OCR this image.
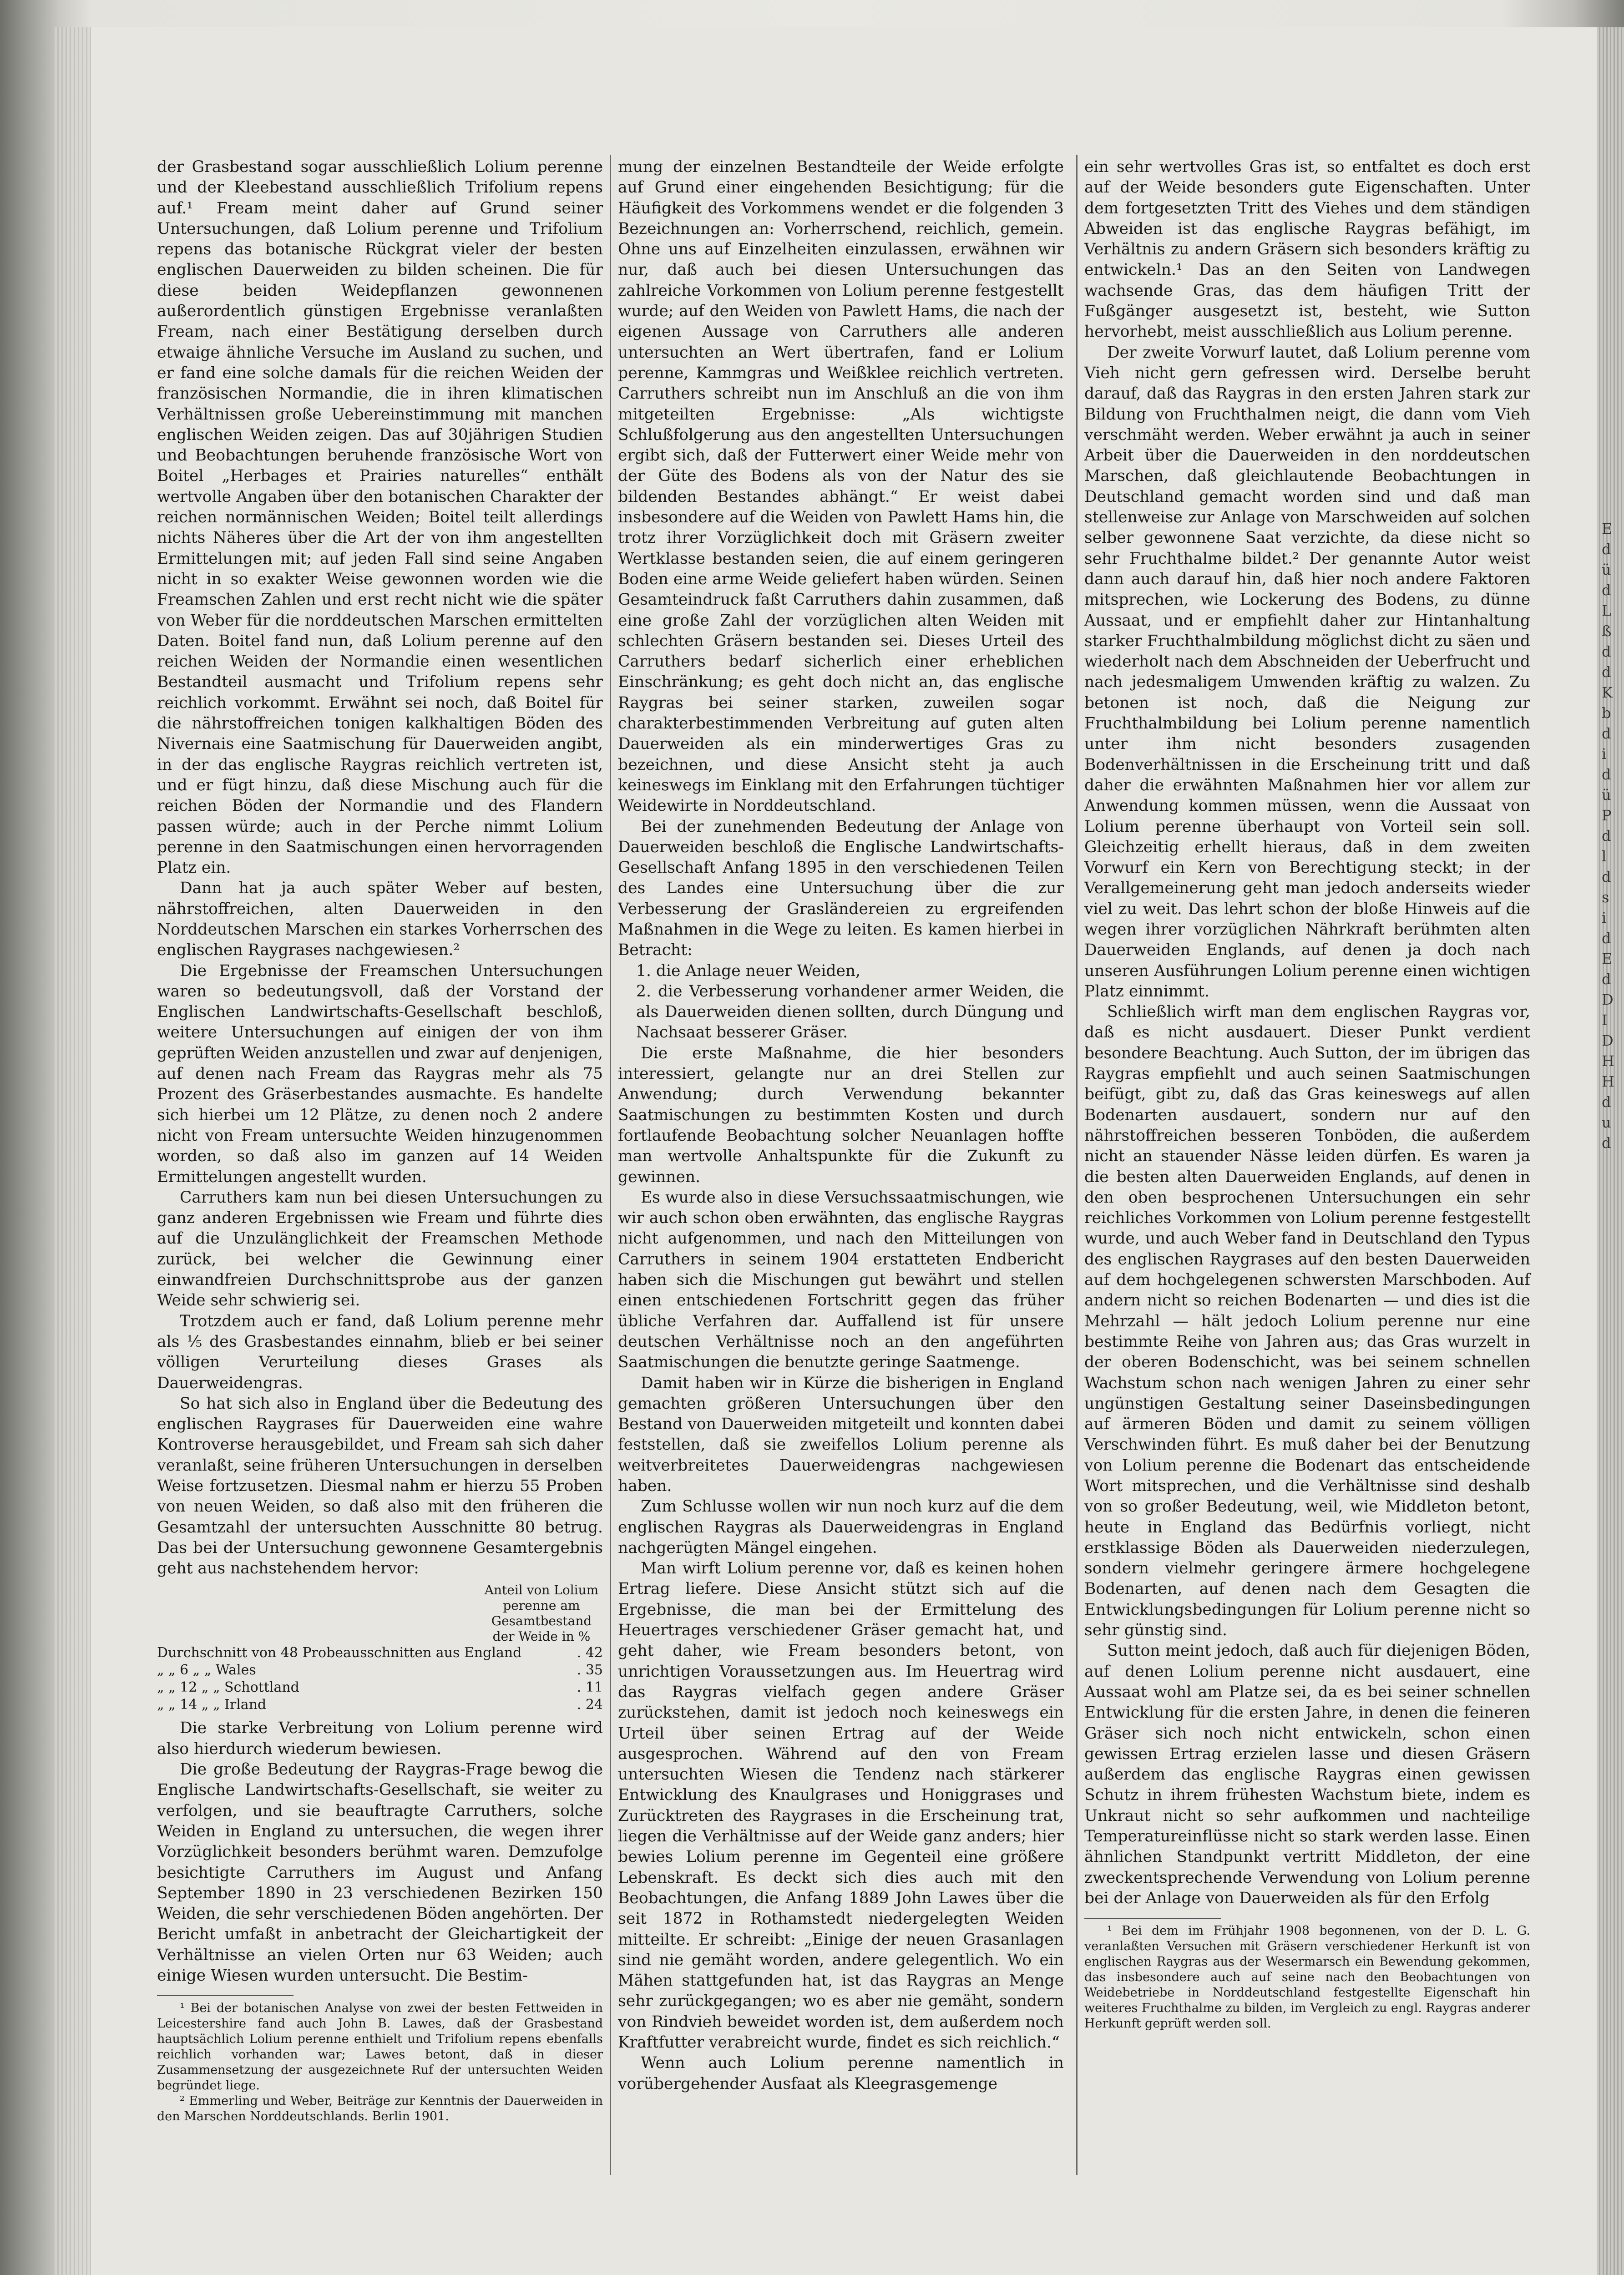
der Grasbestand sogar ausschließlich Lolium perenne und der Kleebestand ausschließlich Trifolium repens auf.¹ Fream meint daher auf Grund seiner Untersuchungen, daß Lolium perenne und Trifolium repens das botanische Rückgrat vieler der besten englischen Dauerweiden zu bilden scheinen. Die für diese beiden Weidepflanzen gewonnenen außerordentlich günstigen Ergebnisse veranlaßten Fream, nach einer Bestätigung derselben durch etwaige ähnliche Versuche im Ausland zu suchen, und er fand eine solche damals für die reichen Weiden der französischen Normandie, die in ihren klimatischen Verhältnissen große Uebereinstimmung mit manchen englischen Weiden zeigen. Das auf 30jährigen Studien und Beobachtungen beruhende französische Wort von Boitel „Herbages et Prairies naturelles“ enthält wertvolle Angaben über den botanischen Charakter der reichen normännischen Weiden; Boitel teilt allerdings nichts Näheres über die Art der von ihm angestellten Ermittelungen mit; auf jeden Fall sind seine Angaben nicht in so exakter Weise gewonnen worden wie die Freamschen Zahlen und erst recht nicht wie die später von Weber für die norddeutschen Marschen ermittelten Daten. Boitel fand nun, daß Lolium perenne auf den reichen Weiden der Normandie einen wesentlichen Bestandteil ausmacht und Trifolium repens sehr reichlich vorkommt. Erwähnt sei noch, daß Boitel für die nährstoffreichen tonigen kalkhaltigen Böden des Nivernais eine Saatmischung für Dauerweiden angibt, in der das englische Raygras reichlich vertreten ist, und er fügt hinzu, daß diese Mischung auch für die reichen Böden der Normandie und des Flandern passen würde; auch in der Perche nimmt Lolium perenne in den Saatmischungen einen hervorragenden Platz ein.

Dann hat ja auch später Weber auf besten, nährstoffreichen, alten Dauerweiden in den Norddeutschen Marschen ein starkes Vorherrschen des englischen Raygrases nachgewiesen.²

Die Ergebnisse der Freamschen Untersuchungen waren so bedeutungsvoll, daß der Vorstand der Englischen Landwirtschafts-Gesellschaft beschloß, weitere Untersuchungen auf einigen der von ihm geprüften Weiden anzustellen und zwar auf denjenigen, auf denen nach Fream das Raygras mehr als 75 Prozent des Gräserbestandes ausmachte. Es handelte sich hierbei um 12 Plätze, zu denen noch 2 andere nicht von Fream untersuchte Weiden hinzugenommen worden, so daß also im ganzen auf 14 Weiden Ermittelungen angestellt wurden.

Carruthers kam nun bei diesen Untersuchungen zu ganz anderen Ergebnissen wie Fream und führte dies auf die Unzulänglichkeit der Freamschen Methode zurück, bei welcher die Gewinnung einer einwandfreien Durchschnittsprobe aus der ganzen Weide sehr schwierig sei.

Trotzdem auch er fand, daß Lolium perenne mehr als ⅕ des Grasbestandes einnahm, blieb er bei seiner völligen Verurteilung dieses Grases als Dauerweidengras.

So hat sich also in England über die Bedeutung des englischen Raygrases für Dauerweiden eine wahre Kontroverse herausgebildet, und Fream sah sich daher veranlaßt, seine früheren Untersuchungen in derselben Weise fortzusetzen. Diesmal nahm er hierzu 55 Proben von neuen Weiden, so daß also mit den früheren die Gesamtzahl der untersuchten Ausschnitte 80 betrug. Das bei der Untersuchung gewonnene Gesamtergebnis geht aus nachstehendem hervor:

Anteil von Lolium perenne am Gesamtbestand der Weide in %
Durchschnitt von 48 Probeausschnitten aus England	. 42
„ „ 6 „ „ Wales	. 35
„ „ 12 „ „ Schottland	. 11
„ „ 14 „ „ Irland	. 24

Die starke Verbreitung von Lolium perenne wird also hierdurch wiederum bewiesen.

Die große Bedeutung der Raygras-Frage bewog die Englische Landwirtschafts-Gesellschaft, sie weiter zu verfolgen, und sie beauftragte Carruthers, solche Weiden in England zu untersuchen, die wegen ihrer Vorzüglichkeit besonders berühmt waren. Demzufolge besichtigte Carruthers im August und Anfang September 1890 in 23 verschiedenen Bezirken 150 Weiden, die sehr verschiedenen Böden angehörten. Der Bericht umfaßt in anbetracht der Gleichartigkeit der Verhältnisse an vielen Orten nur 63 Weiden; auch einige Wiesen wurden untersucht. Die Bestim-

¹ Bei der botanischen Analyse von zwei der besten Fettweiden in Leicestershire fand auch John B. Lawes, daß der Grasbestand hauptsächlich Lolium perenne enthielt und Trifolium repens ebenfalls reichlich vorhanden war; Lawes betont, daß in dieser Zusammensetzung der ausgezeichnete Ruf der untersuchten Weiden begründet liege.

² Emmerling und Weber, Beiträge zur Kenntnis der Dauerweiden in den Marschen Norddeutschlands. Berlin 1901.

mung der einzelnen Bestandteile der Weide erfolgte auf Grund einer eingehenden Besichtigung; für die Häufigkeit des Vorkommens wendet er die folgenden 3 Bezeichnungen an: Vorherrschend, reichlich, gemein. Ohne uns auf Einzelheiten einzulassen, erwähnen wir nur, daß auch bei diesen Untersuchungen das zahlreiche Vorkommen von Lolium perenne festgestellt wurde; auf den Weiden von Pawlett Hams, die nach der eigenen Aussage von Carruthers alle anderen untersuchten an Wert übertrafen, fand er Lolium perenne, Kammgras und Weißklee reichlich vertreten. Carruthers schreibt nun im Anschluß an die von ihm mitgeteilten Ergebnisse: „Als wichtigste Schlußfolgerung aus den angestellten Untersuchungen ergibt sich, daß der Futterwert einer Weide mehr von der Güte des Bodens als von der Natur des sie bildenden Bestandes abhängt.“ Er weist dabei insbesondere auf die Weiden von Pawlett Hams hin, die trotz ihrer Vorzüglichkeit doch mit Gräsern zweiter Wertklasse bestanden seien, die auf einem geringeren Boden eine arme Weide geliefert haben würden. Seinen Gesamteindruck faßt Carruthers dahin zusammen, daß eine große Zahl der vorzüglichen alten Weiden mit schlechten Gräsern bestanden sei. Dieses Urteil des Carruthers bedarf sicherlich einer erheblichen Einschränkung; es geht doch nicht an, das englische Raygras bei seiner starken, zuweilen sogar charakterbestimmenden Verbreitung auf guten alten Dauerweiden als ein minderwertiges Gras zu bezeichnen, und diese Ansicht steht ja auch keineswegs im Einklang mit den Erfahrungen tüchtiger Weidewirte in Norddeutschland.

Bei der zunehmenden Bedeutung der Anlage von Dauerweiden beschloß die Englische Landwirtschafts-Gesellschaft Anfang 1895 in den verschiedenen Teilen des Landes eine Untersuchung über die zur Verbesserung der Grasländereien zu ergreifenden Maßnahmen in die Wege zu leiten. Es kamen hierbei in Betracht:

1. die Anlage neuer Weiden,

2. die Verbesserung vorhandener armer Weiden, die als Dauerweiden dienen sollten, durch Düngung und Nachsaat besserer Gräser.

Die erste Maßnahme, die hier besonders interessiert, gelangte nur an drei Stellen zur Anwendung; durch Verwendung bekannter Saatmischungen zu bestimmten Kosten und durch fortlaufende Beobachtung solcher Neuanlagen hoffte man wertvolle Anhaltspunkte für die Zukunft zu gewinnen.

Es wurde also in diese Versuchssaatmischungen, wie wir auch schon oben erwähnten, das englische Raygras nicht aufgenommen, und nach den Mitteilungen von Carruthers in seinem 1904 erstatteten Endbericht haben sich die Mischungen gut bewährt und stellen einen entschiedenen Fortschritt gegen das früher übliche Verfahren dar. Auffallend ist für unsere deutschen Verhältnisse noch an den angeführten Saatmischungen die benutzte geringe Saatmenge.

Damit haben wir in Kürze die bisherigen in England gemachten größeren Untersuchungen über den Bestand von Dauerweiden mitgeteilt und konnten dabei feststellen, daß sie zweifellos Lolium perenne als weitverbreitetes Dauerweidengras nachgewiesen haben.

Zum Schlusse wollen wir nun noch kurz auf die dem englischen Raygras als Dauerweidengras in England nachgerügten Mängel eingehen.

Man wirft Lolium perenne vor, daß es keinen hohen Ertrag liefere. Diese Ansicht stützt sich auf die Ergebnisse, die man bei der Ermittelung des Heuertrages verschiedener Gräser gemacht hat, und geht daher, wie Fream besonders betont, von unrichtigen Voraussetzungen aus. Im Heuertrag wird das Raygras vielfach gegen andere Gräser zurückstehen, damit ist jedoch noch keineswegs ein Urteil über seinen Ertrag auf der Weide ausgesprochen. Während auf den von Fream untersuchten Wiesen die Tendenz nach stärkerer Entwicklung des Knaulgrases und Honiggrases und Zurücktreten des Raygrases in die Erscheinung trat, liegen die Verhältnisse auf der Weide ganz anders; hier bewies Lolium perenne im Gegenteil eine größere Lebenskraft. Es deckt sich dies auch mit den Beobachtungen, die Anfang 1889 John Lawes über die seit 1872 in Rothamstedt niedergelegten Weiden mitteilte. Er schreibt: „Einige der neuen Grasanlagen sind nie gemäht worden, andere gelegentlich. Wo ein Mähen stattgefunden hat, ist das Raygras an Menge sehr zurückgegangen; wo es aber nie gemäht, sondern von Rindvieh beweidet worden ist, dem außerdem noch Kraftfutter verabreicht wurde, findet es sich reichlich.“

Wenn auch Lolium perenne namentlich in vorübergehender Ausfaat als Kleegrasgemenge

ein sehr wertvolles Gras ist, so entfaltet es doch erst auf der Weide besonders gute Eigenschaften. Unter dem fortgesetzten Tritt des Viehes und dem ständigen Abweiden ist das englische Raygras befähigt, im Verhältnis zu andern Gräsern sich besonders kräftig zu entwickeln.¹ Das an den Seiten von Landwegen wachsende Gras, das dem häufigen Tritt der Fußgänger ausgesetzt ist, besteht, wie Sutton hervorhebt, meist ausschließlich aus Lolium perenne.

Der zweite Vorwurf lautet, daß Lolium perenne vom Vieh nicht gern gefressen wird. Derselbe beruht darauf, daß das Raygras in den ersten Jahren stark zur Bildung von Fruchthalmen neigt, die dann vom Vieh verschmäht werden. Weber erwähnt ja auch in seiner Arbeit über die Dauerweiden in den norddeutschen Marschen, daß gleichlautende Beobachtungen in Deutschland gemacht worden sind und daß man stellenweise zur Anlage von Marschweiden auf solchen selber gewonnene Saat verzichte, da diese nicht so sehr Fruchthalme bildet.² Der genannte Autor weist dann auch darauf hin, daß hier noch andere Faktoren mitsprechen, wie Lockerung des Bodens, zu dünne Aussaat, und er empfiehlt daher zur Hintanhaltung starker Fruchthalmbildung möglichst dicht zu säen und wiederholt nach dem Abschneiden der Ueberfrucht und nach jedesmaligem Umwenden kräftig zu walzen. Zu betonen ist noch, daß die Neigung zur Fruchthalmbildung bei Lolium perenne namentlich unter ihm nicht besonders zusagenden Bodenverhältnissen in die Erscheinung tritt und daß daher die erwähnten Maßnahmen hier vor allem zur Anwendung kommen müssen, wenn die Aussaat von Lolium perenne überhaupt von Vorteil sein soll. Gleichzeitig erhellt hieraus, daß in dem zweiten Vorwurf ein Kern von Berechtigung steckt; in der Verallgemeinerung geht man jedoch anderseits wieder viel zu weit. Das lehrt schon der bloße Hinweis auf die wegen ihrer vorzüglichen Nährkraft berühmten alten Dauerweiden Englands, auf denen ja doch nach unseren Ausführungen Lolium perenne einen wichtigen Platz einnimmt.

Schließlich wirft man dem englischen Raygras vor, daß es nicht ausdauert. Dieser Punkt verdient besondere Beachtung. Auch Sutton, der im übrigen das Raygras empfiehlt und auch seinen Saatmischungen beifügt, gibt zu, daß das Gras keineswegs auf allen Bodenarten ausdauert, sondern nur auf den nährstoffreichen besseren Tonböden, die außerdem nicht an stauender Nässe leiden dürfen. Es waren ja die besten alten Dauerweiden Englands, auf denen in den oben besprochenen Untersuchungen ein sehr reichliches Vorkommen von Lolium perenne festgestellt wurde, und auch Weber fand in Deutschland den Typus des englischen Raygrases auf den besten Dauerweiden auf dem hochgelegenen schwersten Marschboden. Auf andern nicht so reichen Bodenarten — und dies ist die Mehrzahl — hält jedoch Lolium perenne nur eine bestimmte Reihe von Jahren aus; das Gras wurzelt in der oberen Bodenschicht, was bei seinem schnellen Wachstum schon nach wenigen Jahren zu einer sehr ungünstigen Gestaltung seiner Daseinsbedingungen auf ärmeren Böden und damit zu seinem völligen Verschwinden führt. Es muß daher bei der Benutzung von Lolium perenne die Bodenart das entscheidende Wort mitsprechen, und die Verhältnisse sind deshalb von so großer Bedeutung, weil, wie Middleton betont, heute in England das Bedürfnis vorliegt, nicht erstklassige Böden als Dauerweiden niederzulegen, sondern vielmehr geringere ärmere hochgelegene Bodenarten, auf denen nach dem Gesagten die Entwicklungsbedingungen für Lolium perenne nicht so sehr günstig sind.

Sutton meint jedoch, daß auch für diejenigen Böden, auf denen Lolium perenne nicht ausdauert, eine Aussaat wohl am Platze sei, da es bei seiner schnellen Entwicklung für die ersten Jahre, in denen die feineren Gräser sich noch nicht entwickeln, schon einen gewissen Ertrag erzielen lasse und diesen Gräsern außerdem das englische Raygras einen gewissen Schutz in ihrem frühesten Wachstum biete, indem es Unkraut nicht so sehr aufkommen und nachteilige Temperatureinflüsse nicht so stark werden lasse. Einen ähnlichen Standpunkt vertritt Middleton, der eine zweckentsprechende Verwendung von Lolium perenne bei der Anlage von Dauerweiden als für den Erfolg

¹ Bei dem im Frühjahr 1908 begonnenen, von der D. L. G. veranlaßten Versuchen mit Gräsern verschiedener Herkunft ist von englischen Raygras aus der Wesermarsch ein Bewendung gekommen, das insbesondere auch auf seine nach den Beobachtungen von Weidebetriebe in Norddeutschland festgestellte Eigenschaft hin weiteres Fruchthalme zu bilden, im Vergleich zu engl. Raygras anderer Herkunft geprüft werden soll.

E
d
ü
d
L
ß
d
d
K
b
d
i
d
ü
P
d
l
d
s
i
d
E
d
D
I
D
H
H
d
u
d
